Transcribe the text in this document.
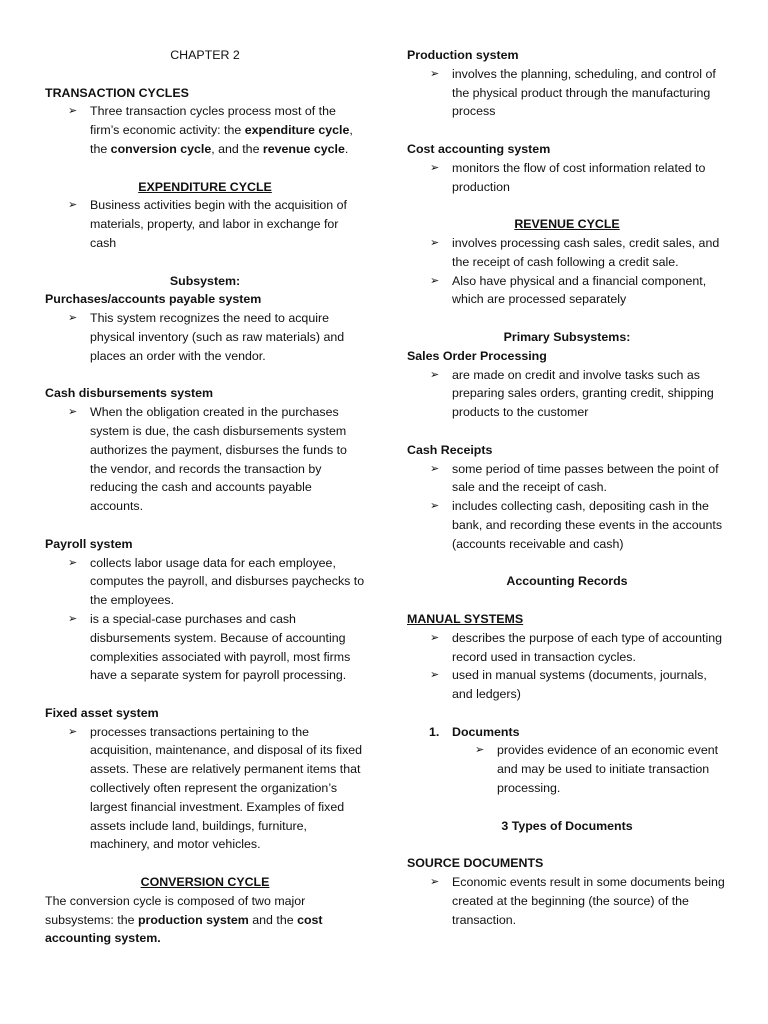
CHAPTER 2

TRANSACTION CYCLES

➢ Three transaction cycles process most of the firm’s economic activity: the expenditure cycle, the conversion cycle, and the revenue cycle.

EXPENDITURE CYCLE

➢ Business activities begin with the acquisition of materials, property, and labor in exchange for cash

Subsystem:

Purchases/accounts payable system

➢ This system recognizes the need to acquire physical inventory (such as raw materials) and places an order with the vendor.

Cash disbursements system

➢ When the obligation created in the purchases system is due, the cash disbursements system authorizes the payment, disburses the funds to the vendor, and records the transaction by reducing the cash and accounts payable accounts.

Payroll system

➢ collects labor usage data for each employee, computes the payroll, and disburses paychecks to the employees.
➢ is a special-case purchases and cash disbursements system. Because of accounting complexities associated with payroll, most firms have a separate system for payroll processing.

Fixed asset system

➢ processes transactions pertaining to the acquisition, maintenance, and disposal of its fixed assets. These are relatively permanent items that collectively often represent the organization’s largest financial investment. Examples of fixed assets include land, buildings, furniture, machinery, and motor vehicles.

CONVERSION CYCLE

The conversion cycle is composed of two major subsystems: the production system and the cost accounting system.

Production system

➢ involves the planning, scheduling, and control of the physical product through the manufacturing process

Cost accounting system

➢ monitors the flow of cost information related to production

REVENUE CYCLE

➢ involves processing cash sales, credit sales, and the receipt of cash following a credit sale.
➢ Also have physical and a financial component, which are processed separately

Primary Subsystems:

Sales Order Processing

➢ are made on credit and involve tasks such as preparing sales orders, granting credit, shipping products to the customer

Cash Receipts

➢ some period of time passes between the point of sale and the receipt of cash.
➢ includes collecting cash, depositing cash in the bank, and recording these events in the accounts (accounts receivable and cash)

Accounting Records

MANUAL SYSTEMS

➢ describes the purpose of each type of accounting record used in transaction cycles.
➢ used in manual systems (documents, journals, and ledgers)

1. Documents

➢ provides evidence of an economic event and may be used to initiate transaction processing.

3 Types of Documents

SOURCE DOCUMENTS

➢ Economic events result in some documents being created at the beginning (the source) of the transaction.
